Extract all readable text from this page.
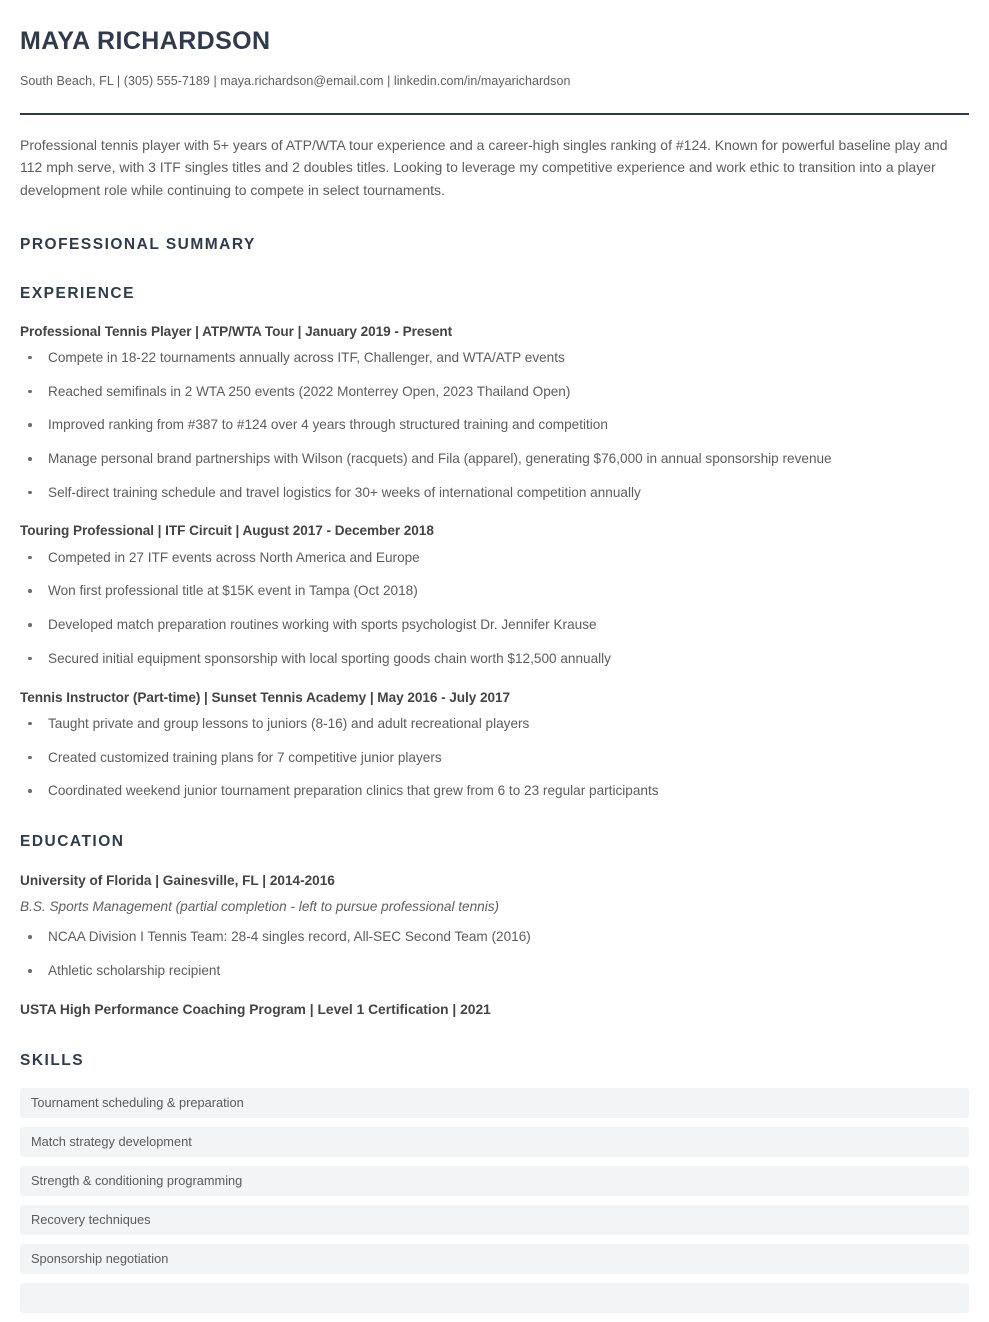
MAYA RICHARDSON
South Beach, FL | (305) 555-7189 | maya.richardson@email.com | linkedin.com/in/mayarichardson
Professional tennis player with 5+ years of ATP/WTA tour experience and a career-high singles ranking of #124. Known for powerful baseline play and 112 mph serve, with 3 ITF singles titles and 2 doubles titles. Looking to leverage my competitive experience and work ethic to transition into a player development role while continuing to compete in select tournaments.
PROFESSIONAL SUMMARY
EXPERIENCE
Professional Tennis Player | ATP/WTA Tour | January 2019 - Present
Compete in 18-22 tournaments annually across ITF, Challenger, and WTA/ATP events
Reached semifinals in 2 WTA 250 events (2022 Monterrey Open, 2023 Thailand Open)
Improved ranking from #387 to #124 over 4 years through structured training and competition
Manage personal brand partnerships with Wilson (racquets) and Fila (apparel), generating $76,000 in annual sponsorship revenue
Self-direct training schedule and travel logistics for 30+ weeks of international competition annually
Touring Professional | ITF Circuit | August 2017 - December 2018
Competed in 27 ITF events across North America and Europe
Won first professional title at $15K event in Tampa (Oct 2018)
Developed match preparation routines working with sports psychologist Dr. Jennifer Krause
Secured initial equipment sponsorship with local sporting goods chain worth $12,500 annually
Tennis Instructor (Part-time) | Sunset Tennis Academy | May 2016 - July 2017
Taught private and group lessons to juniors (8-16) and adult recreational players
Created customized training plans for 7 competitive junior players
Coordinated weekend junior tournament preparation clinics that grew from 6 to 23 regular participants
EDUCATION
University of Florida | Gainesville, FL | 2014-2016
B.S. Sports Management (partial completion - left to pursue professional tennis)
NCAA Division I Tennis Team: 28-4 singles record, All-SEC Second Team (2016)
Athletic scholarship recipient
USTA High Performance Coaching Program | Level 1 Certification | 2021
SKILLS
Tournament scheduling & preparation
Match strategy development
Strength & conditioning programming
Recovery techniques
Sponsorship negotiation
